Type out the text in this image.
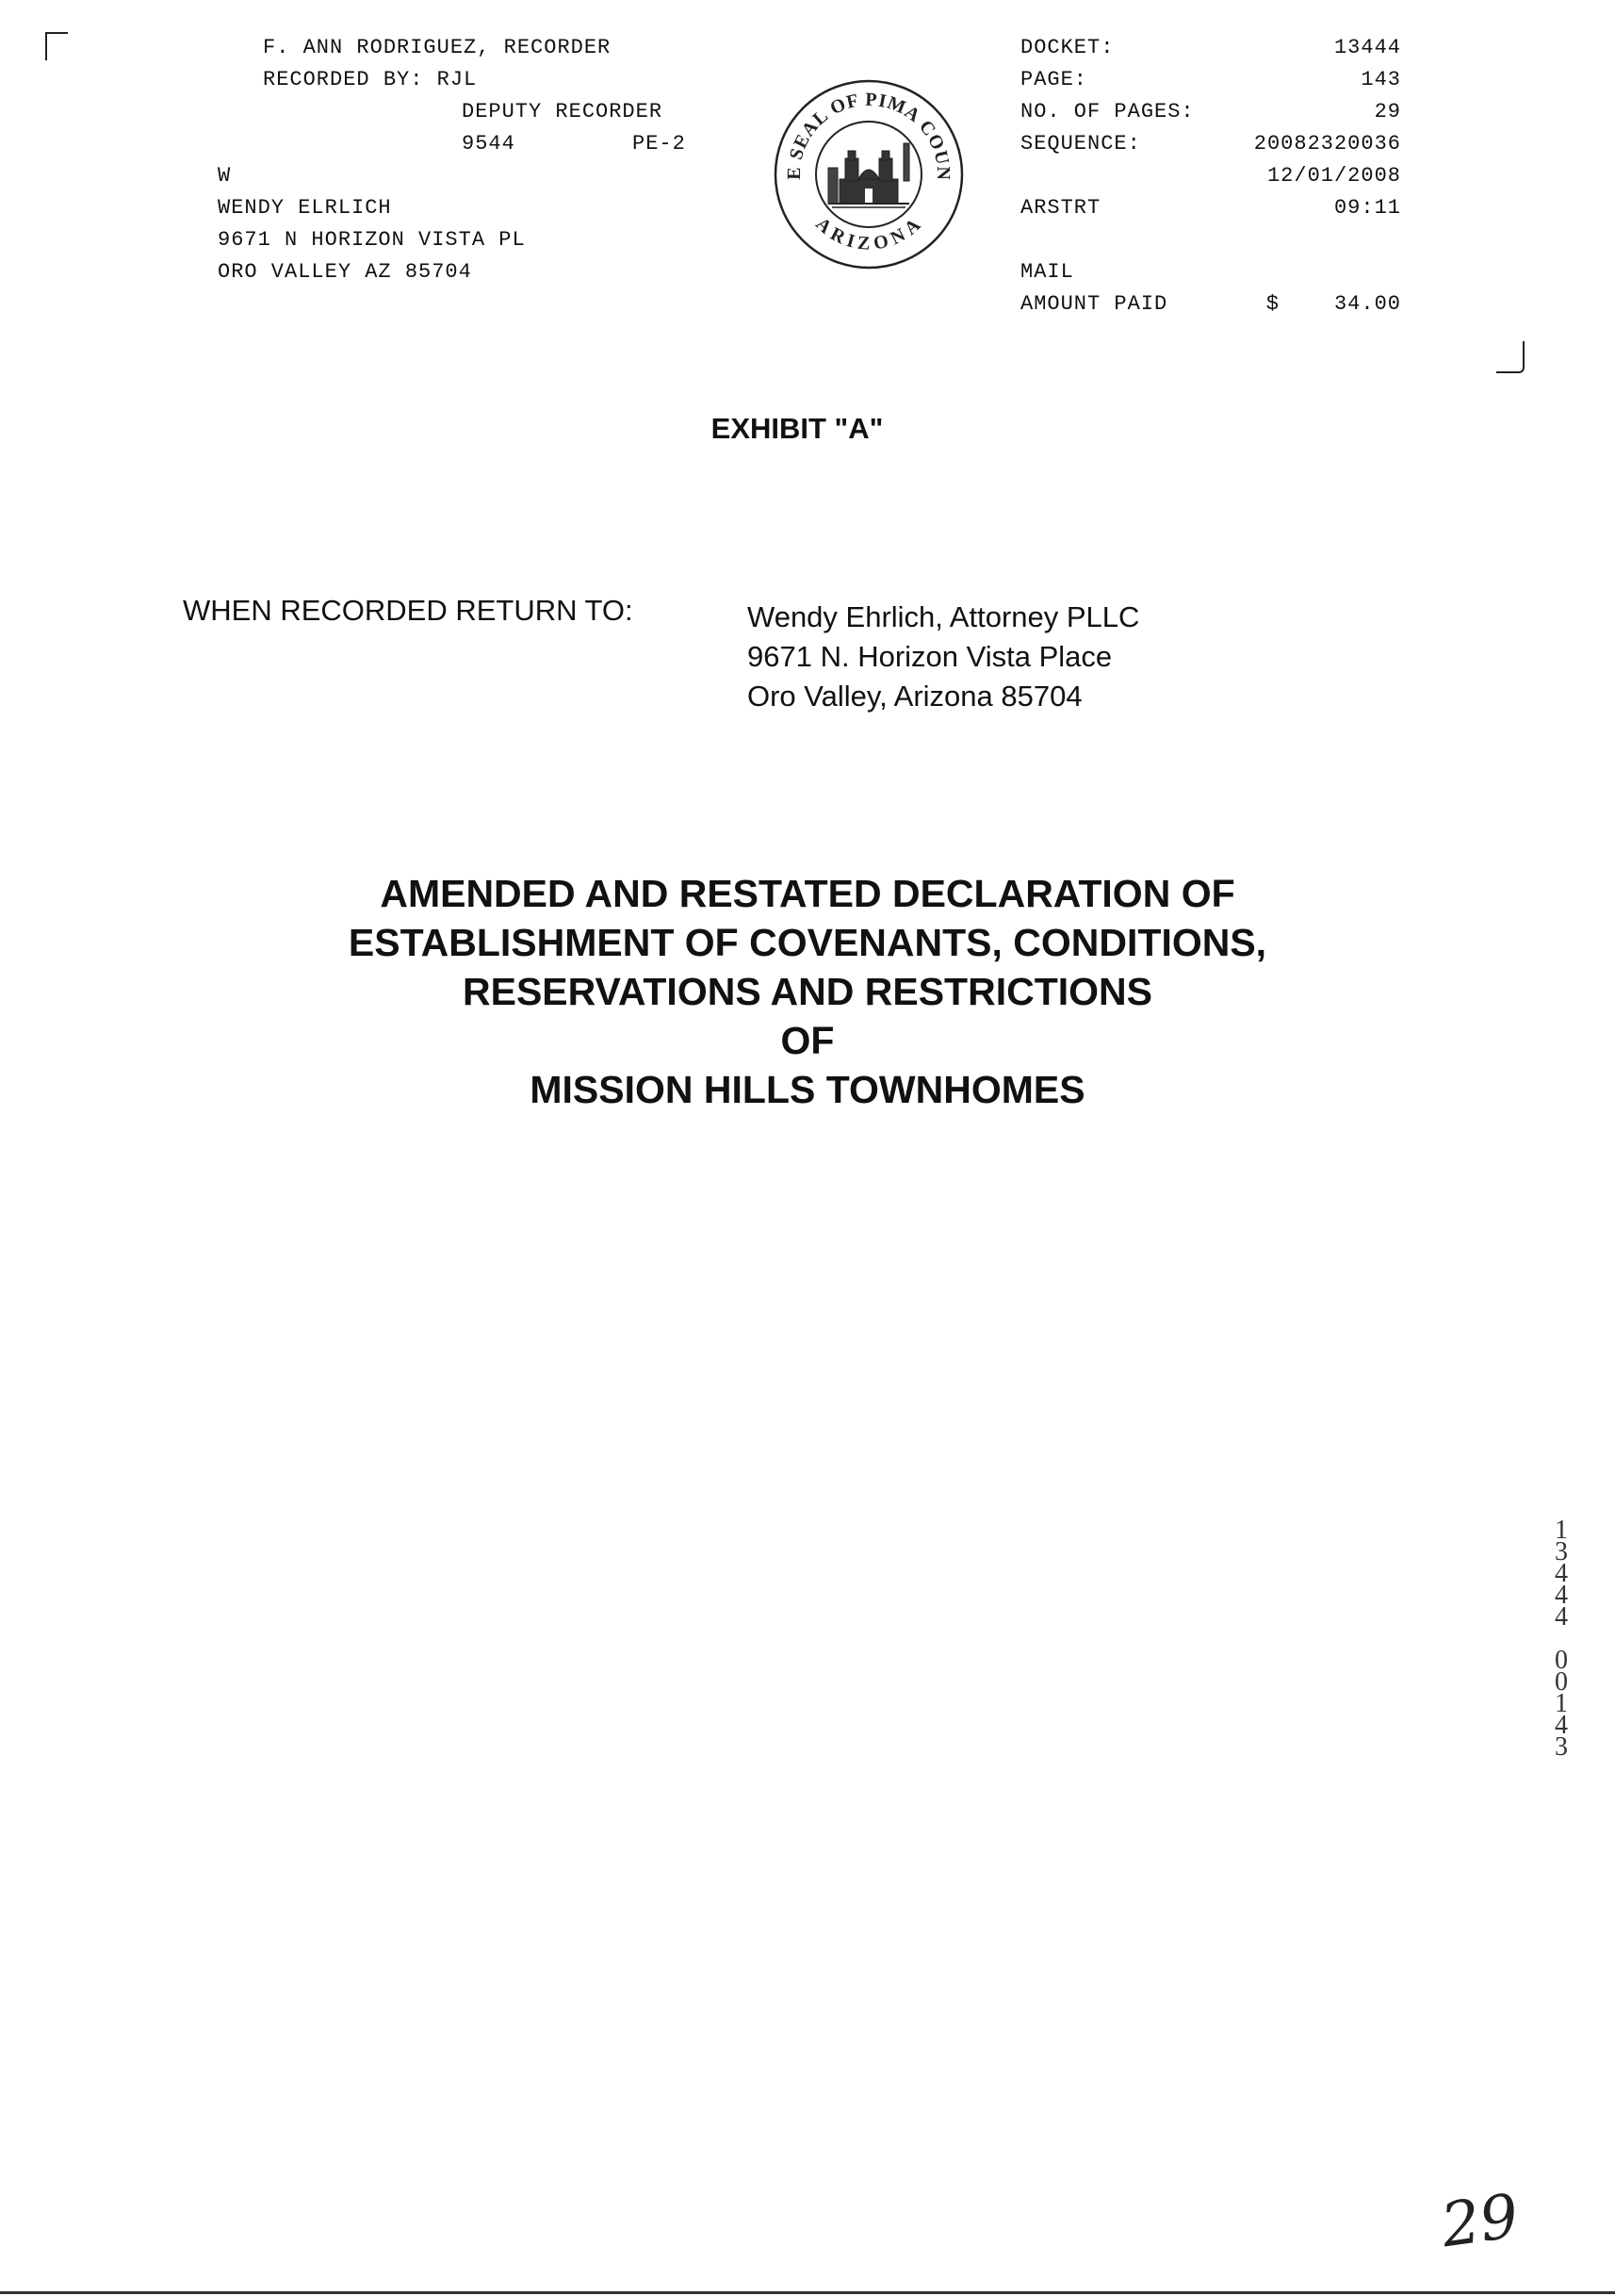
F. ANN RODRIGUEZ, RECORDER
RECORDED BY: RJL
DEPUTY RECORDER
9544	PE-2
W
WENDY ELRLICH
9671 N HORIZON VISTA PL
ORO VALLEY AZ 85704
E SEAL OF PIMA COUN
ARIZONA
DOCKET:	13444
PAGE:	143
NO. OF PAGES:	29
SEQUENCE:	20082320036
12/01/2008
ARSTRT	09:11
MAIL
AMOUNT PAID	$	34.00
EXHIBIT "A"
WHEN RECORDED RETURN TO:	Wendy Ehrlich, Attorney PLLC
9671 N. Horizon Vista Place
Oro Valley, Arizona 85704
AMENDED AND RESTATED DECLARATION OF
ESTABLISHMENT OF COVENANTS, CONDITIONS,
RESERVATIONS AND RESTRICTIONS
OF
MISSION HILLS TOWNHOMES
1
3
4
4
4
0
0
1
4
3
29
